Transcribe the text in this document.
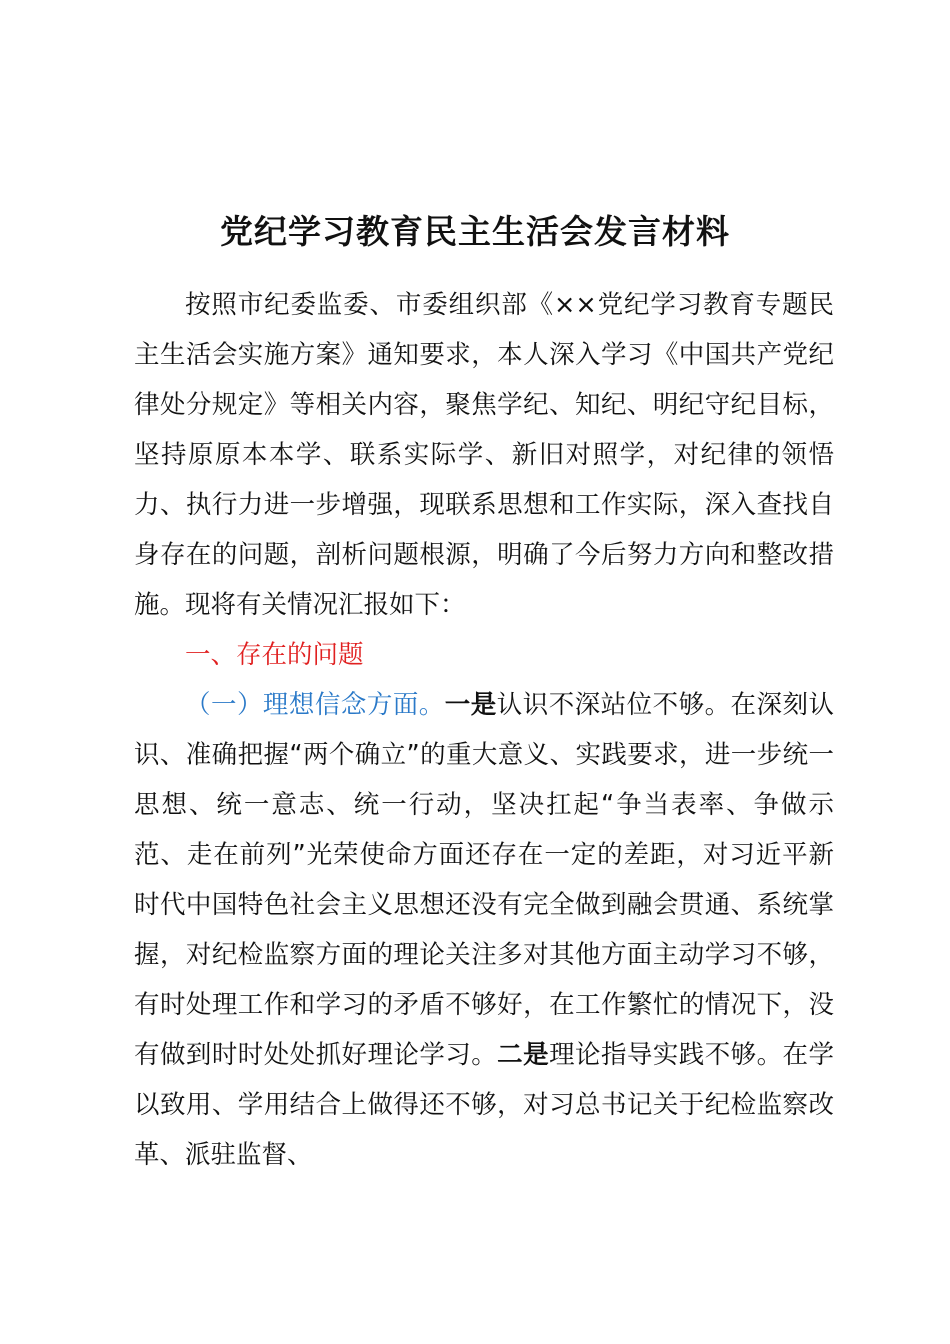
党纪学习教育民主生活会发言材料

按照市纪委监委、市委组织部《××党纪学习教育专题民主生活会实施方案》通知要求，本人深入学习《中国共产党纪律处分规定》等相关内容，聚焦学纪、知纪、明纪守纪目标，坚持原原本本学、联系实际学、新旧对照学，对纪律的领悟力、执行力进一步增强，现联系思想和工作实际，深入查找自身存在的问题，剖析问题根源，明确了今后努力方向和整改措施。现将有关情况汇报如下：

一、存在的问题

（一）理想信念方面。一是认识不深站位不够。在深刻认识、准确把握“两个确立”的重大意义、实践要求，进一步统一思想、统一意志、统一行动，坚决扛起“争当表率、争做示范、走在前列”光荣使命方面还存在一定的差距，对习近平新时代中国特色社会主义思想还没有完全做到融会贯通、系统掌握，对纪检监察方面的理论关注多对其他方面主动学习不够，有时处理工作和学习的矛盾不够好，在工作繁忙的情况下，没有做到时时处处抓好理论学习。二是理论指导实践不够。在学以致用、学用结合上做得还不够，对习总书记关于纪检监察改革、派驻监督、
